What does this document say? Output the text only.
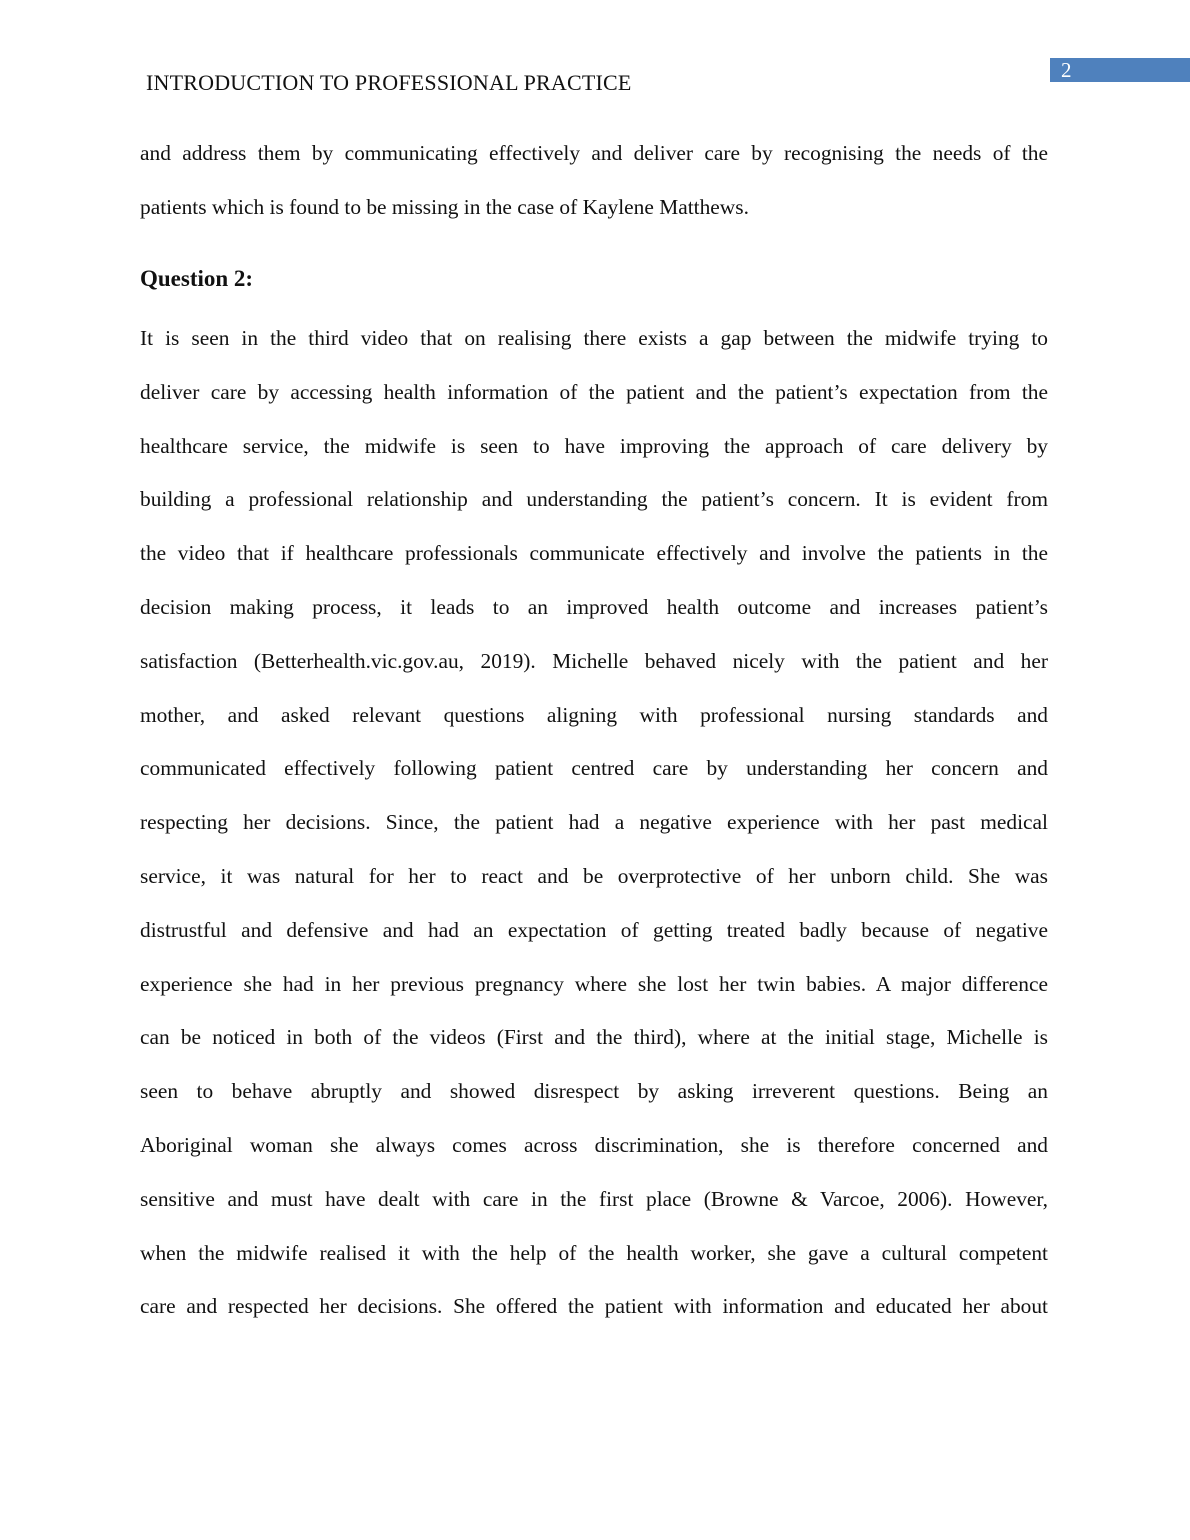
INTRODUCTION TO PROFESSIONAL PRACTICE	2
and address them by communicating effectively and deliver care by recognising the needs of the
patients which is found to be missing in the case of Kaylene Matthews.
Question 2:
It is seen in the third video that on realising there exists a gap between the midwife trying to
deliver care by accessing health information of the patient and the patient’s expectation from the
healthcare service, the midwife is seen to have improving the approach of care delivery by
building a professional relationship and understanding the patient’s concern. It is evident from
the video that if healthcare professionals communicate effectively and involve the patients in the
decision making process, it leads to an improved health outcome and increases patient’s
satisfaction (Betterhealth.vic.gov.au, 2019). Michelle behaved nicely with the patient and her
mother, and asked relevant questions aligning with professional nursing standards and
communicated effectively following patient centred care by understanding her concern and
respecting her decisions. Since, the patient had a negative experience with her past medical
service, it was natural for her to react and be overprotective of her unborn child. She was
distrustful and defensive and had an expectation of getting treated badly because of negative
experience she had in her previous pregnancy where she lost her twin babies. A major difference
can be noticed in both of the videos (First and the third), where at the initial stage, Michelle is
seen to behave abruptly and showed disrespect by asking irreverent questions. Being an
Aboriginal woman she always comes across discrimination, she is therefore concerned and
sensitive and must have dealt with care in the first place (Browne & Varcoe, 2006). However,
when the midwife realised it with the help of the health worker, she gave a cultural competent
care and respected her decisions. She offered the patient with information and educated her about
